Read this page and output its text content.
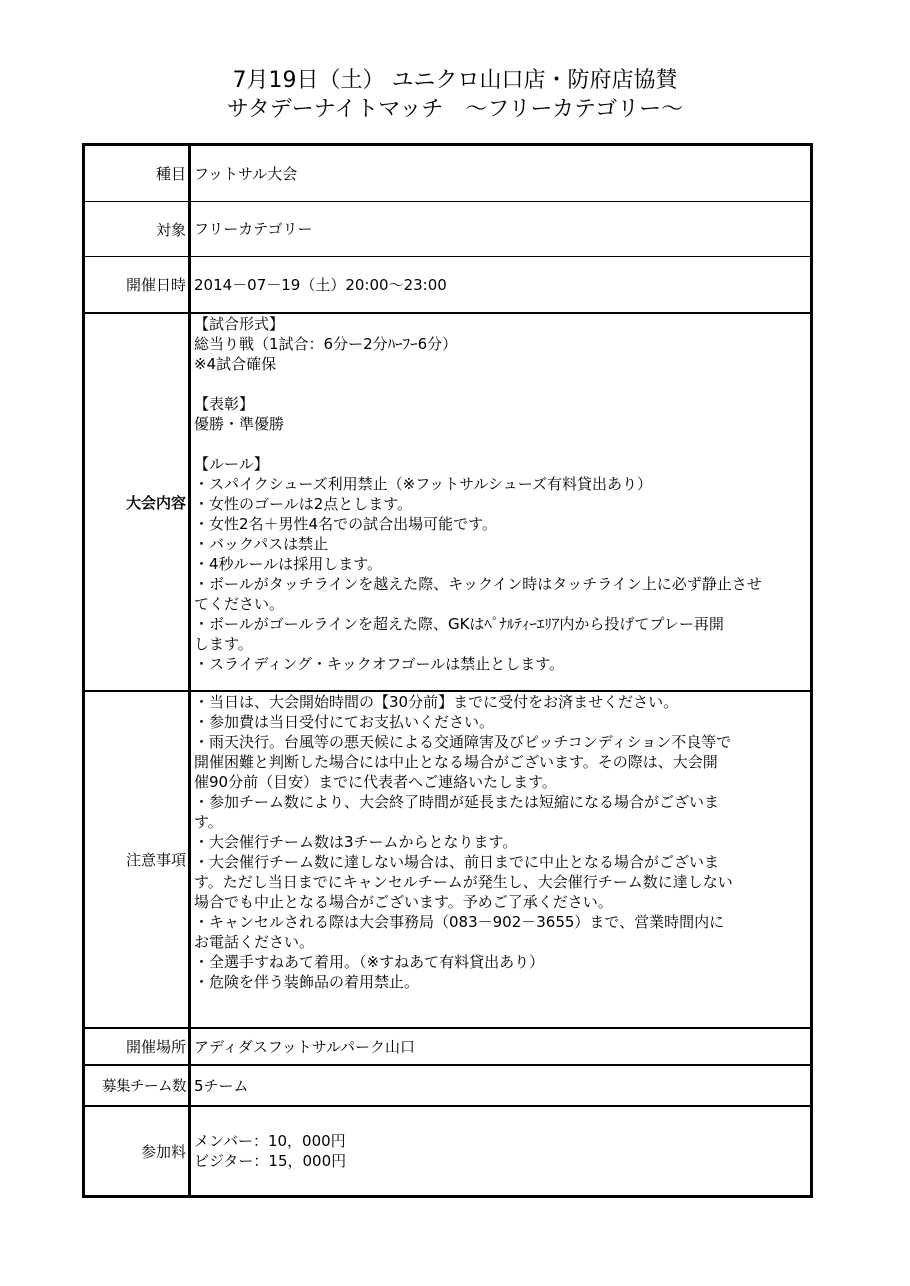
7月19日（土） ユニクロ山口店・防府店協賛
サタデーナイトマッチ　～フリーカテゴリー～
種目 フットサル大会
対象 フリーカテゴリー
開催日時 2014－07－19（土）20:00～23:00
大会内容
【試合形式】
総当り戦（1試合：6分ー2分ﾊｰﾌｰ6分）
※4試合確保
【表彰】
優勝・準優勝
【ルール】
・スパイクシューズ利用禁止（※フットサルシューズ有料貸出あり）
・女性のゴールは2点とします。
・女性2名＋男性4名での試合出場可能です。
・バックパスは禁止
・4秒ルールは採用します。
・ボールがタッチラインを越えた際、キックイン時はタッチライン上に必ず静止させ
てください。
・ボールがゴールラインを超えた際、GKはﾍﾟﾅﾙﾃｨｰｴﾘｱ内から投げてプレー再開
します。
・スライディング・キックオフゴールは禁止とします。
注意事項
・当日は、大会開始時間の【30分前】までに受付をお済ませください。
・参加費は当日受付にてお支払いください。
・雨天決行。台風等の悪天候による交通障害及びピッチコンディション不良等で
開催困難と判断した場合には中止となる場合がございます。その際は、大会開
催90分前（目安）までに代表者へご連絡いたします。
・参加チーム数により、大会終了時間が延長または短縮になる場合がございま
す。
・大会催行チーム数は3チームからとなります。
・大会催行チーム数に達しない場合は、前日までに中止となる場合がございま
す。ただし当日までにキャンセルチームが発生し、大会催行チーム数に達しない
場合でも中止となる場合がございます。予めご了承ください。
・キャンセルされる際は大会事務局（083－902－3655）まで、営業時間内に
お電話ください。
・全選手すねあて着用。（※すねあて有料貸出あり）
・危険を伴う装飾品の着用禁止。
開催場所 アディダスフットサルパーク山口
募集チーム数 5チーム
参加料
メンバー：10，000円
ビジター：15，000円
